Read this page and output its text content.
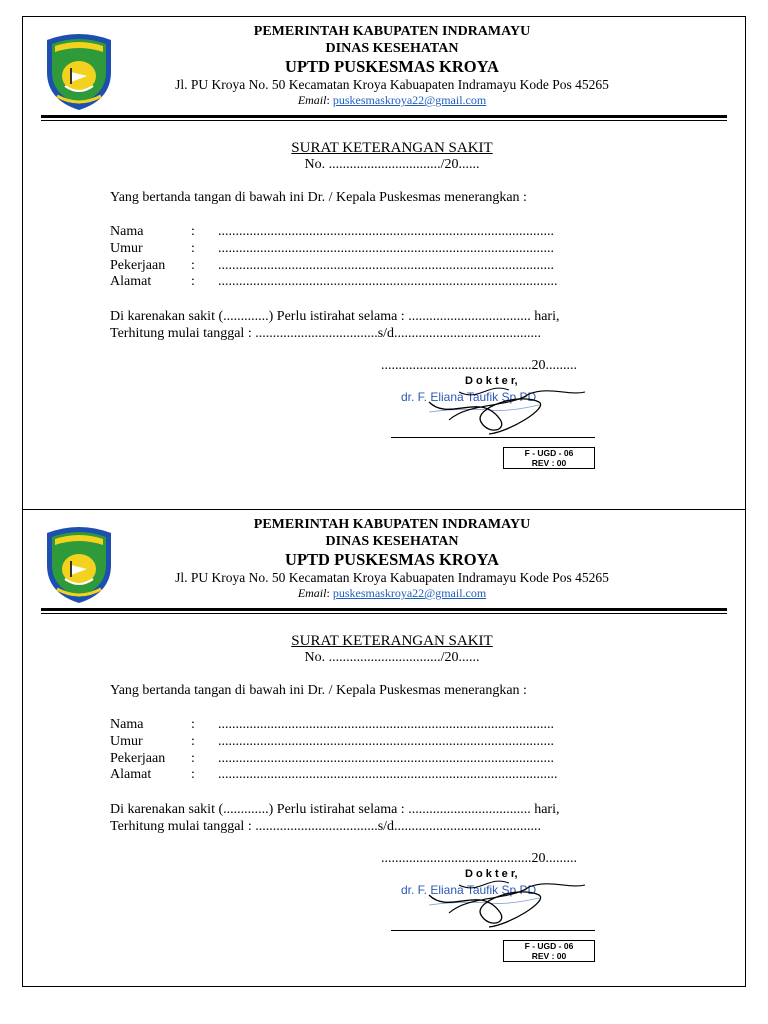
PEMERINTAH KABUPATEN INDRAMAYU
DINAS KESEHATAN
UPTD PUSKESMAS KROYA
Jl. PU Kroya No. 50 Kecamatan Kroya Kabuapaten Indramayu Kode Pos 45265
Email: puskesmaskroya22@gmail.com
SURAT KETERANGAN SAKIT
No. ................................/20......
Yang bertanda tangan di bawah ini Dr. / Kepala Puskesmas menerangkan :
Nama	: ................................................................................................
Umur	: ................................................................................................
Pekerjaan : ................................................................................................
Alamat	: .................................................................................................
Di karenakan sakit (.............) Perlu istirahat selama : ................................... hari,
Terhitung mulai tanggal : ...................................s/d..........................................
...........................................20.........
D o k t e r,
dr. F. Eliana Taufik Sp PD
F - UGD - 06
REV : 00
PEMERINTAH KABUPATEN INDRAMAYU
DINAS KESEHATAN
UPTD PUSKESMAS KROYA
Jl. PU Kroya No. 50 Kecamatan Kroya Kabuapaten Indramayu Kode Pos 45265
Email: puskesmaskroya22@gmail.com
SURAT KETERANGAN SAKIT
No. ................................/20......
Yang bertanda tangan di bawah ini Dr. / Kepala Puskesmas menerangkan :
Nama	: ................................................................................................
Umur	: ................................................................................................
Pekerjaan : ................................................................................................
Alamat	: .................................................................................................
Di karenakan sakit (.............) Perlu istirahat selama : ................................... hari,
Terhitung mulai tanggal : ...................................s/d..........................................
...........................................20.........
D o k t e r,
dr. F. Eliana Taufik Sp PD
F - UGD - 06
REV : 00
